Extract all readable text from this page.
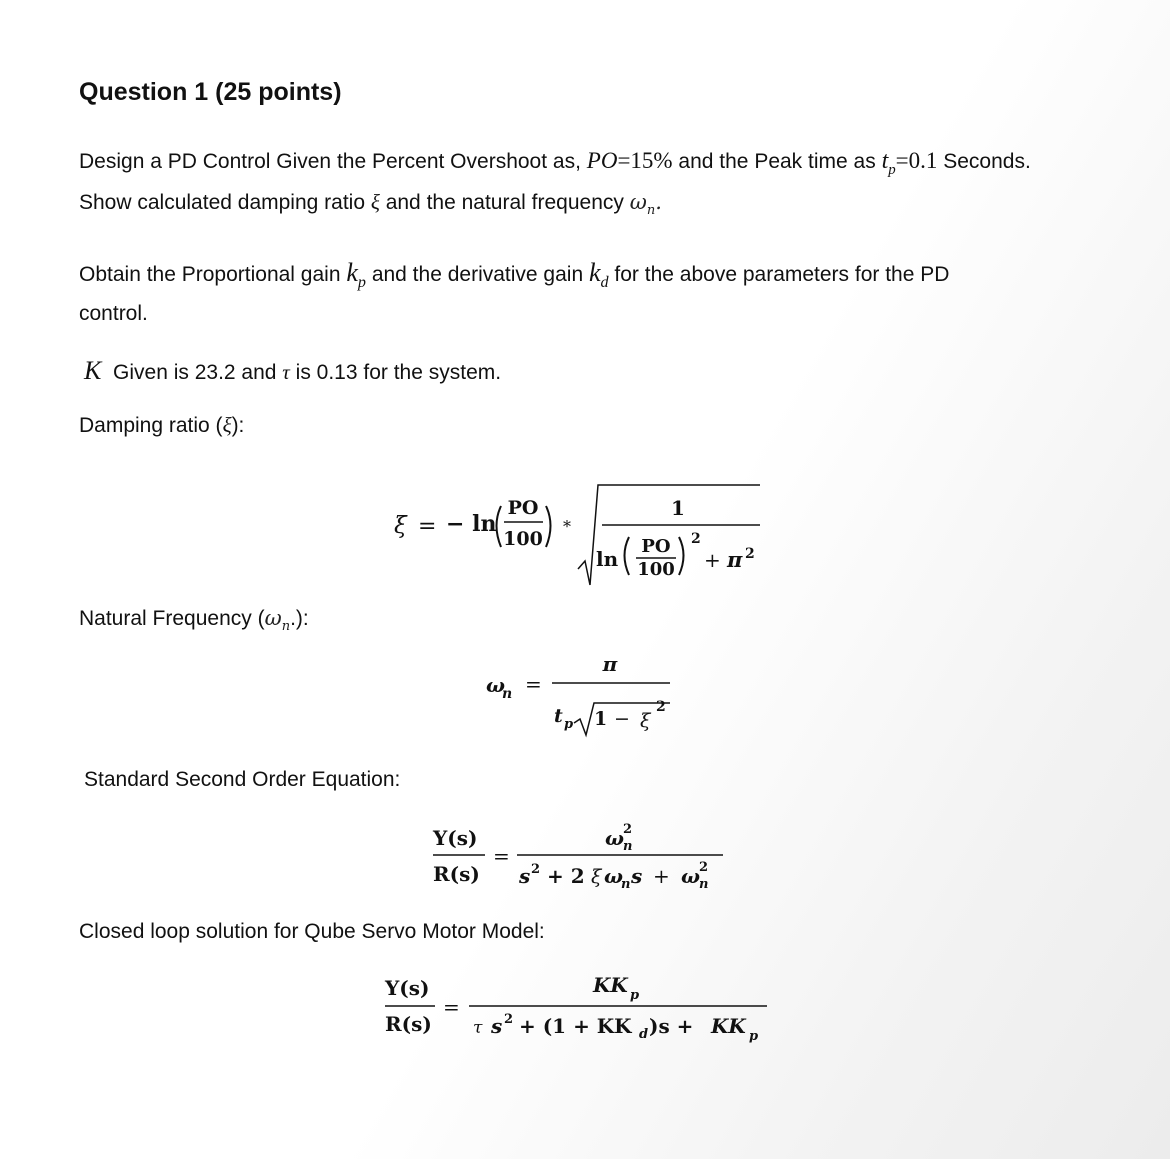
Question 1 (25 points)
Design a PD Control Given the Percent Overshoot as, PO=15% and the Peak time as $t_p=0.1$ Seconds.
Show calculated damping ratio ξ and the natural frequency $\omega_n$.
Obtain the Proportional gain $k_p$ and the derivative gain $k_d$ for the above parameters for the PD
control.
K Given is 23.2 and τ is 0.13 for the system.
Damping ratio (ξ):
ξ = − ln
PO
100
*
1
ln
PO
100
2
+ π 2
Natural Frequency $(\omega_n.)$:
ω
n =
π
t p 1 − ξ
2
Standard Second Order Equation:
Y(s)
R(s)
=
ω
2
n
s 2 + 2 ξ ω
n s + ω
2
n
Closed loop solution for Qube Servo Motor Model:
Y(s)
R(s)
=
KK p
τ s 2 + (1 + KK d )s + KK p
